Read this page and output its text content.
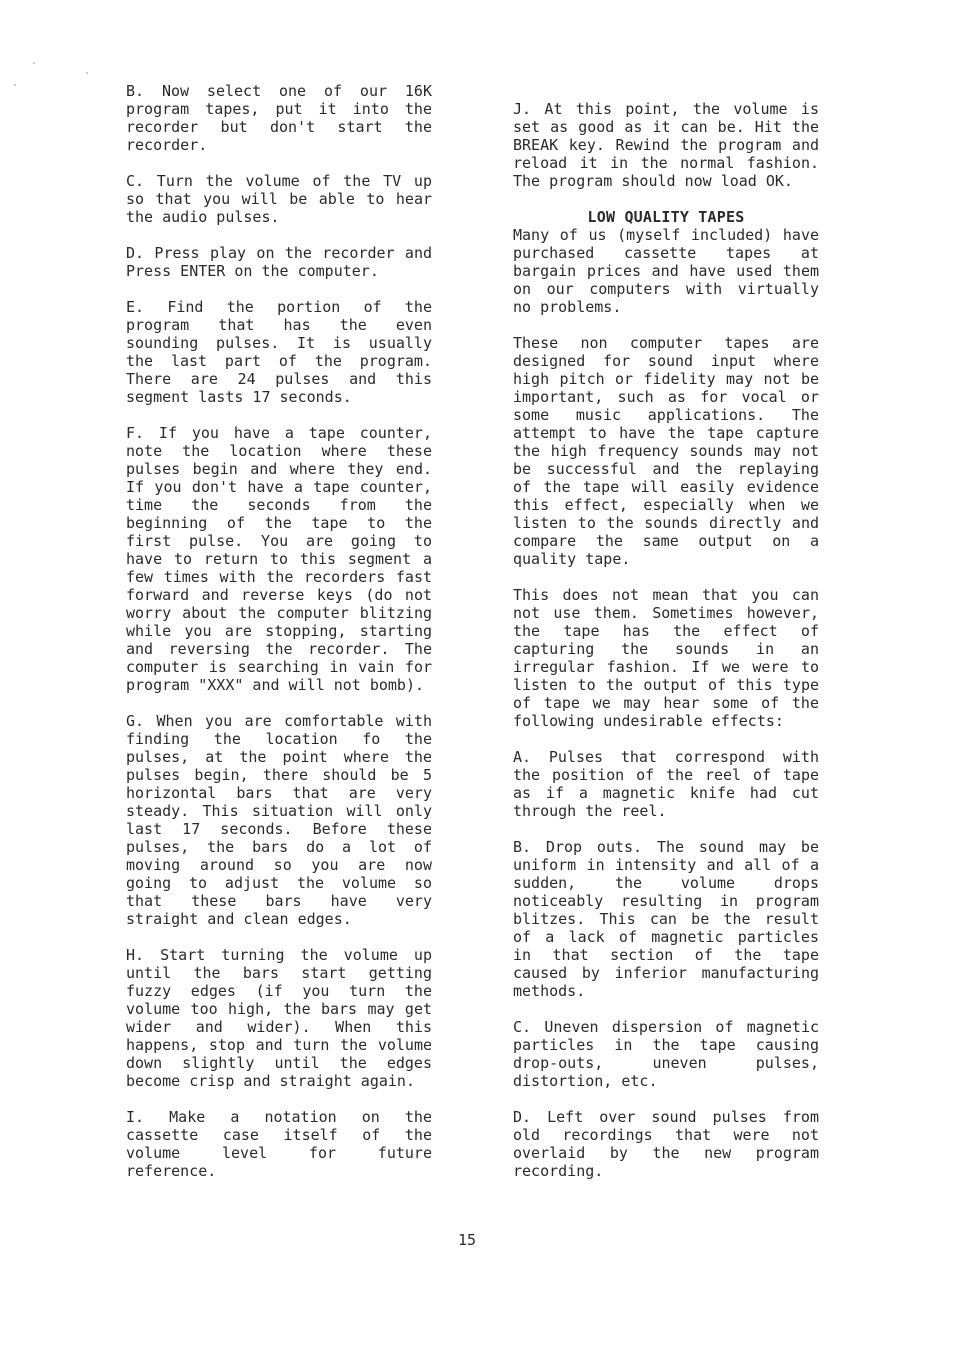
B. Now select one of our 16K program tapes, put it into the recorder but don't start the recorder.

C. Turn the volume of the TV up so that you will be able to hear the audio pulses.

D. Press play on the recorder and Press ENTER on the computer.

E. Find the portion of the program that has the even sounding pulses. It is usually the last part of the program. There are 24 pulses and this segment lasts 17 seconds.

F. If you have a tape counter, note the location where these pulses begin and where they end. If you don't have a tape counter, time the seconds from the beginning of the tape to the first pulse. You are going to have to return to this segment a few times with the recorders fast forward and reverse keys (do not worry about the computer blitzing while you are stopping, starting and reversing the recorder. The computer is searching in vain for program "XXX" and will not bomb).

G. When you are comfortable with finding the location fo the pulses, at the point where the pulses begin, there should be 5 horizontal bars that are very steady. This situation will only last 17 seconds. Before these pulses, the bars do a lot of moving around so you are now going to adjust the volume so that these bars have very straight and clean edges.

H. Start turning the volume up until the bars start getting fuzzy edges (if you turn the volume too high, the bars may get wider and wider). When this happens, stop and turn the volume down slightly until the edges become crisp and straight again.

I. Make a notation on the cassette case itself of the volume level for future reference.

J. At this point, the volume is set as good as it can be. Hit the BREAK key. Rewind the program and reload it in the normal fashion. The program should now load OK.

LOW QUALITY TAPES

Many of us (myself included) have purchased cassette tapes at bargain prices and have used them on our computers with virtually no problems.

These non computer tapes are designed for sound input where high pitch or fidelity may not be important, such as for vocal or some music applications. The attempt to have the tape capture the high frequency sounds may not be successful and the replaying of the tape will easily evidence this effect, especially when we listen to the sounds directly and compare the same output on a quality tape.

This does not mean that you can not use them. Sometimes however, the tape has the effect of capturing the sounds in an irregular fashion. If we were to listen to the output of this type of tape we may hear some of the following undesirable effects:

A. Pulses that correspond with the position of the reel of tape as if a magnetic knife had cut through the reel.

B. Drop outs. The sound may be uniform in intensity and all of a sudden, the volume drops noticeably resulting in program blitzes. This can be the result of a lack of magnetic particles in that section of the tape caused by inferior manufacturing methods.

C. Uneven dispersion of magnetic particles in the tape causing drop-outs, uneven pulses, distortion, etc.

D. Left over sound pulses from old recordings that were not overlaid by the new program recording.

15
